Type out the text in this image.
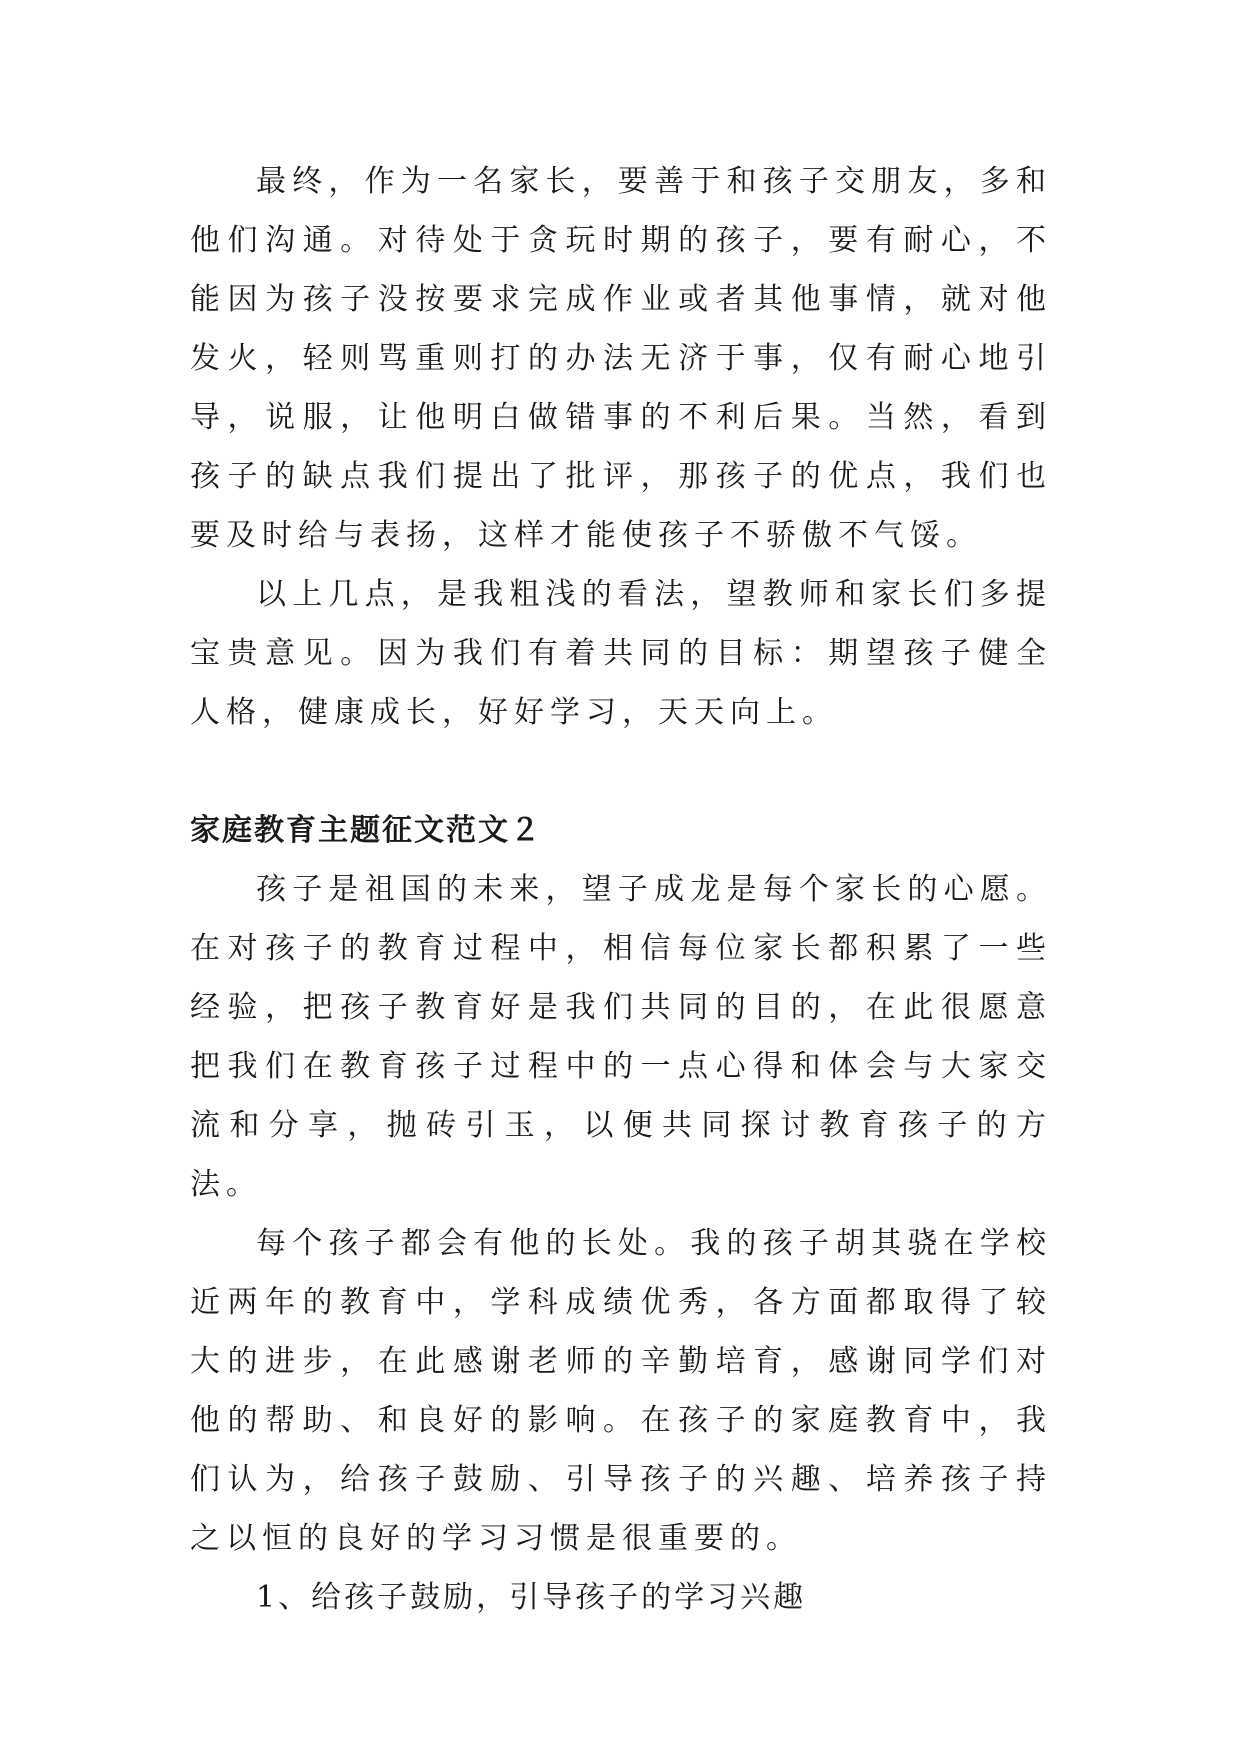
最终，作为一名家长，要善于和孩子交朋友，多和他们沟通。对待处于贪玩时期的孩子，要有耐心，不能因为孩子没按要求完成作业或者其他事情，就对他发火，轻则骂重则打的办法无济于事，仅有耐心地引导，说服，让他明白做错事的不利后果。当然，看到孩子的缺点我们提出了批评，那孩子的优点，我们也要及时给与表扬，这样才能使孩子不骄傲不气馁。

以上几点，是我粗浅的看法，望教师和家长们多提宝贵意见。因为我们有着共同的目标：期望孩子健全人格，健康成长，好好学习，天天向上。

家庭教育主题征文范文２

孩子是祖国的未来，望子成龙是每个家长的心愿。在对孩子的教育过程中，相信每位家长都积累了一些经验，把孩子教育好是我们共同的目的，在此很愿意把我们在教育孩子过程中的一点心得和体会与大家交流和分享，抛砖引玉，以便共同探讨教育孩子的方法。

每个孩子都会有他的长处。我的孩子胡其骁在学校近两年的教育中，学科成绩优秀，各方面都取得了较大的进步，在此感谢老师的辛勤培育，感谢同学们对他的帮助、和良好的影响。在孩子的家庭教育中，我们认为，给孩子鼓励、引导孩子的兴趣、培养孩子持之以恒的良好的学习习惯是很重要的。

1、给孩子鼓励，引导孩子的学习兴趣
